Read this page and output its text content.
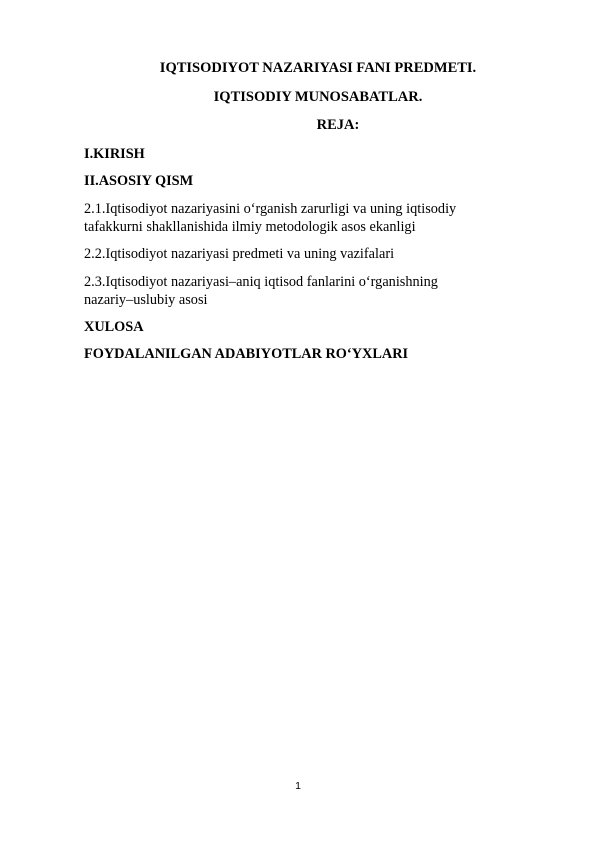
IQTISODIYOT NAZARIYASI FANI PREDMETI.
IQTISODIY MUNOSABATLAR.
REJA:
I.KIRISH
II.ASOSIY QISM
2.1.Iqtisodiyot nazariyasini o‘rganish zarurligi va uning iqtisodiy
tafakkurni shakllanishida ilmiy metodologik asos ekanligi
2.2.Iqtisodiyot nazariyasi predmeti va uning vazifalari
2.3.Iqtisodiyot nazariyasi–aniq iqtisod fanlarini o‘rganishning
nazariy–uslubiy asosi
XULOSA
FOYDALANILGAN ADABIYOTLAR RO‘YXLARI
1
